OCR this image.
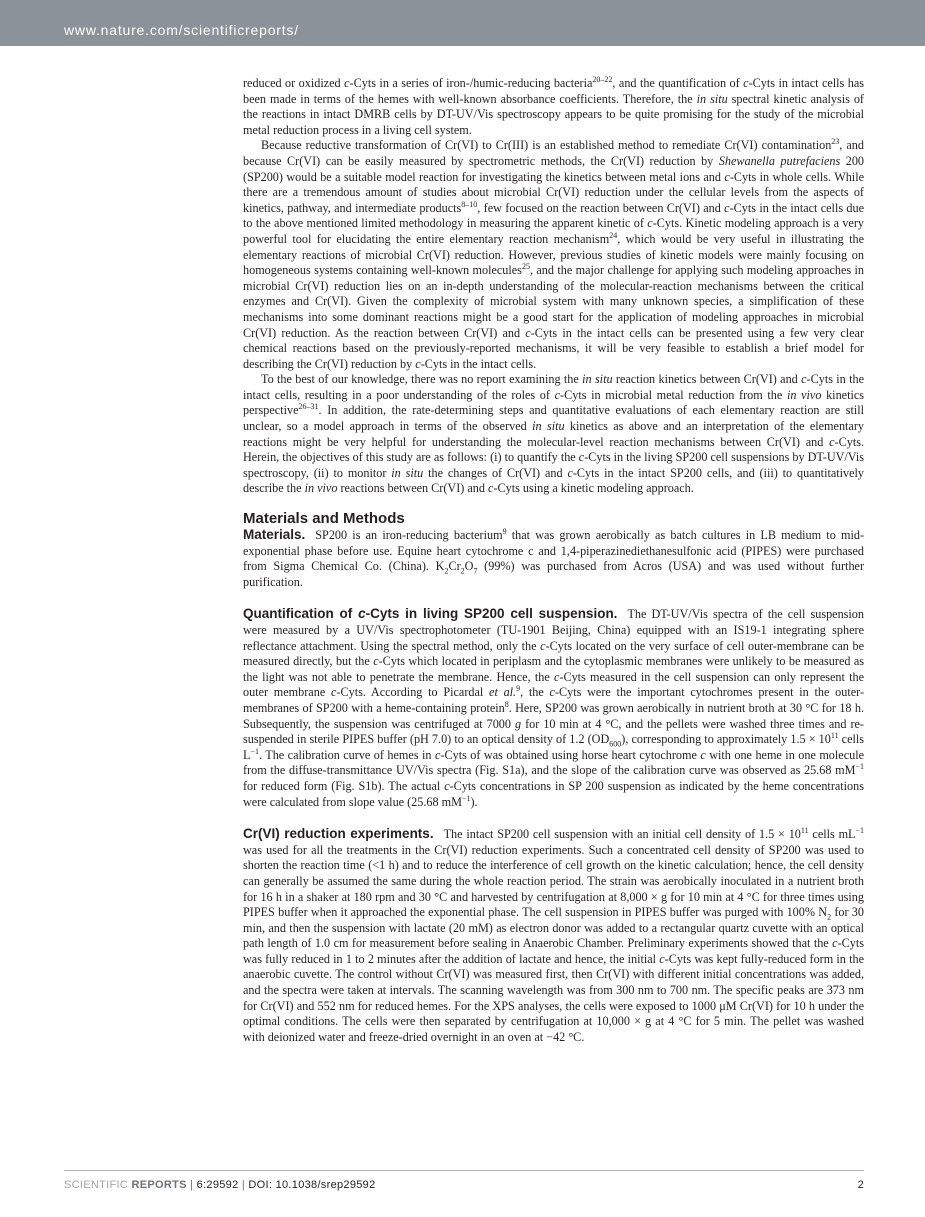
www.nature.com/scientificreports/

reduced or oxidized c-Cyts in a series of iron-/humic-reducing bacteria$^{20-22}$, and the quantification of c-Cyts in intact cells has been made in terms of the hemes with well-known absorbance coefficients. Therefore, the in situ spectral kinetic analysis of the reactions in intact DMRB cells by DT-UV/Vis spectroscopy appears to be quite promising for the study of the microbial metal reduction process in a living cell system.

Because reductive transformation of Cr(VI) to Cr(III) is an established method to remediate Cr(VI) contamination$^{23}$, and because Cr(VI) can be easily measured by spectrometric methods, the Cr(VI) reduction by Shewanella putrefaciens 200 (SP200) would be a suitable model reaction for investigating the kinetics between metal ions and c-Cyts in whole cells. While there are a tremendous amount of studies about microbial Cr(VI) reduction under the cellular levels from the aspects of kinetics, pathway, and intermediate products$^{8-10}$, few focused on the reaction between Cr(VI) and c-Cyts in the intact cells due to the above mentioned limited methodology in measuring the apparent kinetic of c-Cyts. Kinetic modeling approach is a very powerful tool for elucidating the entire elementary reaction mechanism$^{24}$, which would be very useful in illustrating the elementary reactions of microbial Cr(VI) reduction. However, previous studies of kinetic models were mainly focusing on homogeneous systems containing well-known molecules$^{25}$, and the major challenge for applying such modeling approaches in microbial Cr(VI) reduction lies on an in-depth understanding of the molecular-reaction mechanisms between the critical enzymes and Cr(VI). Given the complexity of microbial system with many unknown species, a simplification of these mechanisms into some dominant reactions might be a good start for the application of modeling approaches in microbial Cr(VI) reduction. As the reaction between Cr(VI) and c-Cyts in the intact cells can be presented using a few very clear chemical reactions based on the previously-reported mechanisms, it will be very feasible to establish a brief model for describing the Cr(VI) reduction by c-Cyts in the intact cells.

To the best of our knowledge, there was no report examining the in situ reaction kinetics between Cr(VI) and c-Cyts in the intact cells, resulting in a poor understanding of the roles of c-Cyts in microbial metal reduction from the in vivo kinetics perspective$^{26-31}$. In addition, the rate-determining steps and quantitative evaluations of each elementary reaction are still unclear, so a model approach in terms of the observed in situ kinetics as above and an interpretation of the elementary reactions might be very helpful for understanding the molecular-level reaction mechanisms between Cr(VI) and c-Cyts. Herein, the objectives of this study are as follows: (i) to quantify the c-Cyts in the living SP200 cell suspensions by DT-UV/Vis spectroscopy, (ii) to monitor in situ the changes of Cr(VI) and c-Cyts in the intact SP200 cells, and (iii) to quantitatively describe the in vivo reactions between Cr(VI) and c-Cyts using a kinetic modeling approach.

Materials and Methods

Materials. SP200 is an iron-reducing bacterium$^9$ that was grown aerobically as batch cultures in LB medium to mid-exponential phase before use. Equine heart cytochrome c and 1,4-piperazinediethanesulfonic acid (PIPES) were purchased from Sigma Chemical Co. (China). $K_2Cr_2O_7$ (99%) was purchased from Acros (USA) and was used without further purification.

Quantification of c-Cyts in living SP200 cell suspension. The DT-UV/Vis spectra of the cell suspension were measured by a UV/Vis spectrophotometer (TU-1901 Beijing, China) equipped with an IS19-1 integrating sphere reflectance attachment. Using the spectral method, only the c-Cyts located on the very surface of cell outer-membrane can be measured directly, but the c-Cyts which located in periplasm and the cytoplasmic membranes were unlikely to be measured as the light was not able to penetrate the membrane. Hence, the c-Cyts measured in the cell suspension can only represent the outer membrane c-Cyts. According to Picardal et al.$^9$, the c-Cyts were the important cytochromes present in the outer-membranes of SP200 with a heme-containing protein$^8$. Here, SP200 was grown aerobically in nutrient broth at 30 °C for 18 h. Subsequently, the suspension was centrifuged at 7000 g for 10 min at 4 °C, and the pellets were washed three times and re-suspended in sterile PIPES buffer (pH 7.0) to an optical density of 1.2 $(OD_{600})$, corresponding to approximately $1.5 \times 10^{11}$ cells $L^{-1}$. The calibration curve of hemes in c-Cyts of was obtained using horse heart cytochrome c with one heme in one molecule from the diffuse-transmittance UV/Vis spectra (Fig. S1a), and the slope of the calibration curve was observed as 25.68 $mM^{-1}$ for reduced form (Fig. S1b). The actual c-Cyts concentrations in SP 200 suspension as indicated by the heme concentrations were calculated from slope value (25.68 $mM^{-1}$).

Cr(VI) reduction experiments. The intact SP200 cell suspension with an initial cell density of $1.5 \times 10^{11}$ cells $mL^{-1}$ was used for all the treatments in the Cr(VI) reduction experiments. Such a concentrated cell density of SP200 was used to shorten the reaction time (<1 h) and to reduce the interference of cell growth on the kinetic calculation; hence, the cell density can generally be assumed the same during the whole reaction period. The strain was aerobically inoculated in a nutrient broth for 16 h in a shaker at 180 rpm and 30 °C and harvested by centrifugation at 8,000 × g for 10 min at 4 °C for three times using PIPES buffer when it approached the exponential phase. The cell suspension in PIPES buffer was purged with 100% $N_2$ for 30 min, and then the suspension with lactate (20 mM) as electron donor was added to a rectangular quartz cuvette with an optical path length of 1.0 cm for measurement before sealing in Anaerobic Chamber. Preliminary experiments showed that the c-Cyts was fully reduced in 1 to 2 minutes after the addition of lactate and hence, the initial c-Cyts was kept fully-reduced form in the anaerobic cuvette. The control without Cr(VI) was measured first, then Cr(VI) with different initial concentrations was added, and the spectra were taken at intervals. The scanning wavelength was from 300 nm to 700 nm. The specific peaks are 373 nm for Cr(VI) and 552 nm for reduced hemes. For the XPS analyses, the cells were exposed to 1000 μM Cr(VI) for 10 h under the optimal conditions. The cells were then separated by centrifugation at 10,000 × g at 4 °C for 5 min. The pellet was washed with deionized water and freeze-dried overnight in an oven at −42 °C.

SCIENTIFIC REPORTS | 6:29592 | DOI: 10.1038/srep29592	2
